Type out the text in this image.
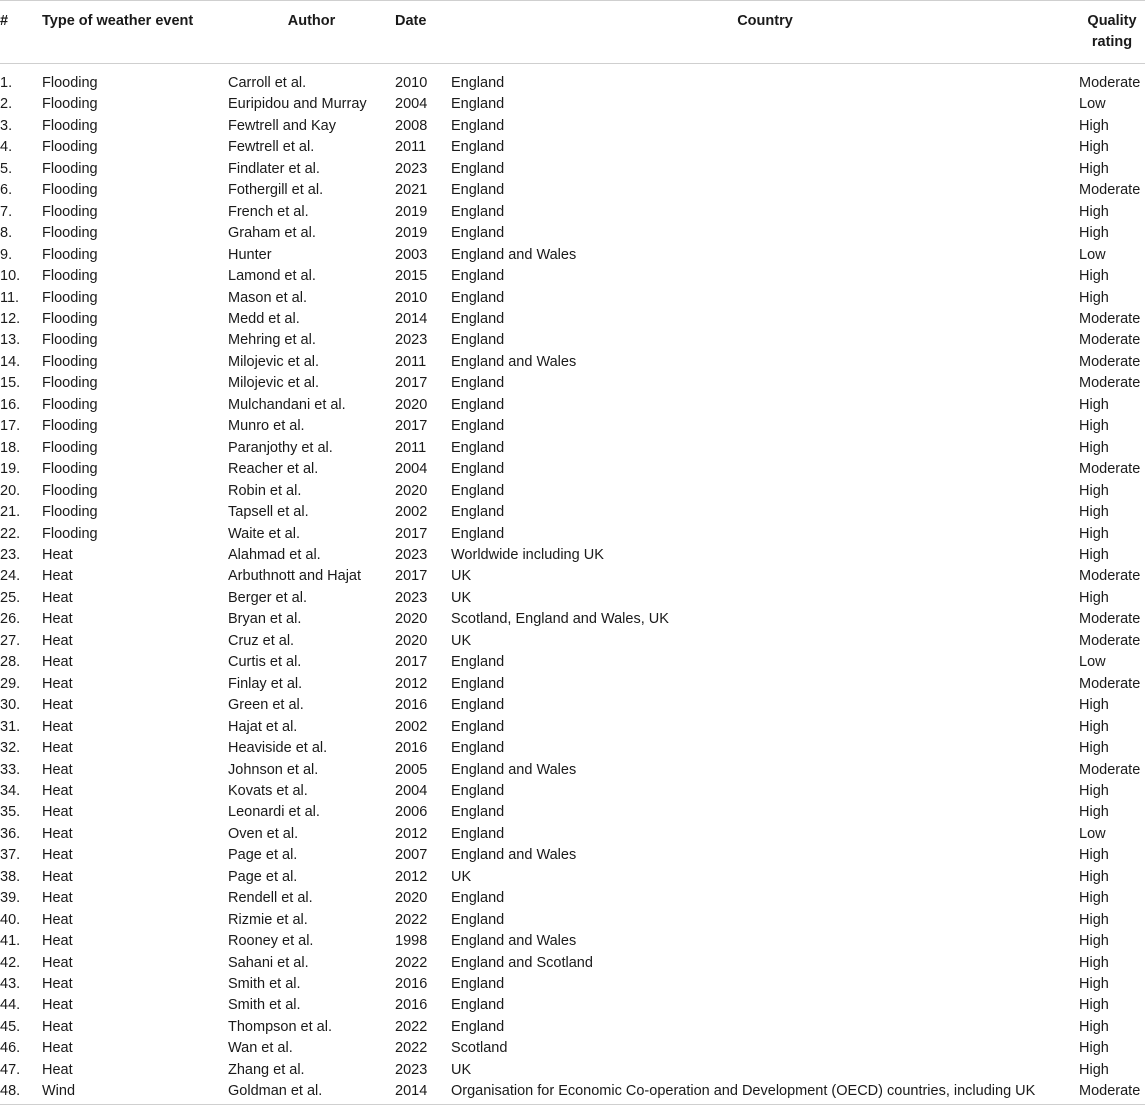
#	Type of weather event	Author	Date	Country	Quality
rating
1.	Flooding	Carroll et al.	2010	England	Moderate
2.	Flooding	Euripidou and Murray	2004	England	Low
3.	Flooding	Fewtrell and Kay	2008	England	High
4.	Flooding	Fewtrell et al.	2011	England	High
5.	Flooding	Findlater et al.	2023	England	High
6.	Flooding	Fothergill et al.	2021	England	Moderate
7.	Flooding	French et al.	2019	England	High
8.	Flooding	Graham et al.	2019	England	High
9.	Flooding	Hunter	2003	England and Wales	Low
10.	Flooding	Lamond et al.	2015	England	High
11.	Flooding	Mason et al.	2010	England	High
12.	Flooding	Medd et al.	2014	England	Moderate
13.	Flooding	Mehring et al.	2023	England	Moderate
14.	Flooding	Milojevic et al.	2011	England and Wales	Moderate
15.	Flooding	Milojevic et al.	2017	England	Moderate
16.	Flooding	Mulchandani et al.	2020	England	High
17.	Flooding	Munro et al.	2017	England	High
18.	Flooding	Paranjothy et al.	2011	England	High
19.	Flooding	Reacher et al.	2004	England	Moderate
20.	Flooding	Robin et al.	2020	England	High
21.	Flooding	Tapsell et al.	2002	England	High
22.	Flooding	Waite et al.	2017	England	High
23.	Heat	Alahmad et al.	2023	Worldwide including UK	High
24.	Heat	Arbuthnott and Hajat	2017	UK	Moderate
25.	Heat	Berger et al.	2023	UK	High
26.	Heat	Bryan et al.	2020	Scotland, England and Wales, UK	Moderate
27.	Heat	Cruz et al.	2020	UK	Moderate
28.	Heat	Curtis et al.	2017	England	Low
29.	Heat	Finlay et al.	2012	England	Moderate
30.	Heat	Green et al.	2016	England	High
31.	Heat	Hajat et al.	2002	England	High
32.	Heat	Heaviside et al.	2016	England	High
33.	Heat	Johnson et al.	2005	England and Wales	Moderate
34.	Heat	Kovats et al.	2004	England	High
35.	Heat	Leonardi et al.	2006	England	High
36.	Heat	Oven et al.	2012	England	Low
37.	Heat	Page et al.	2007	England and Wales	High
38.	Heat	Page et al.	2012	UK	High
39.	Heat	Rendell et al.	2020	England	High
40.	Heat	Rizmie et al.	2022	England	High
41.	Heat	Rooney et al.	1998	England and Wales	High
42.	Heat	Sahani et al.	2022	England and Scotland	High
43.	Heat	Smith et al.	2016	England	High
44.	Heat	Smith et al.	2016	England	High
45.	Heat	Thompson et al.	2022	England	High
46.	Heat	Wan et al.	2022	Scotland	High
47.	Heat	Zhang et al.	2023	UK	High
48.	Wind	Goldman et al.	2014	Organisation for Economic Co-operation and Development (OECD) countries, including UK	Moderate
